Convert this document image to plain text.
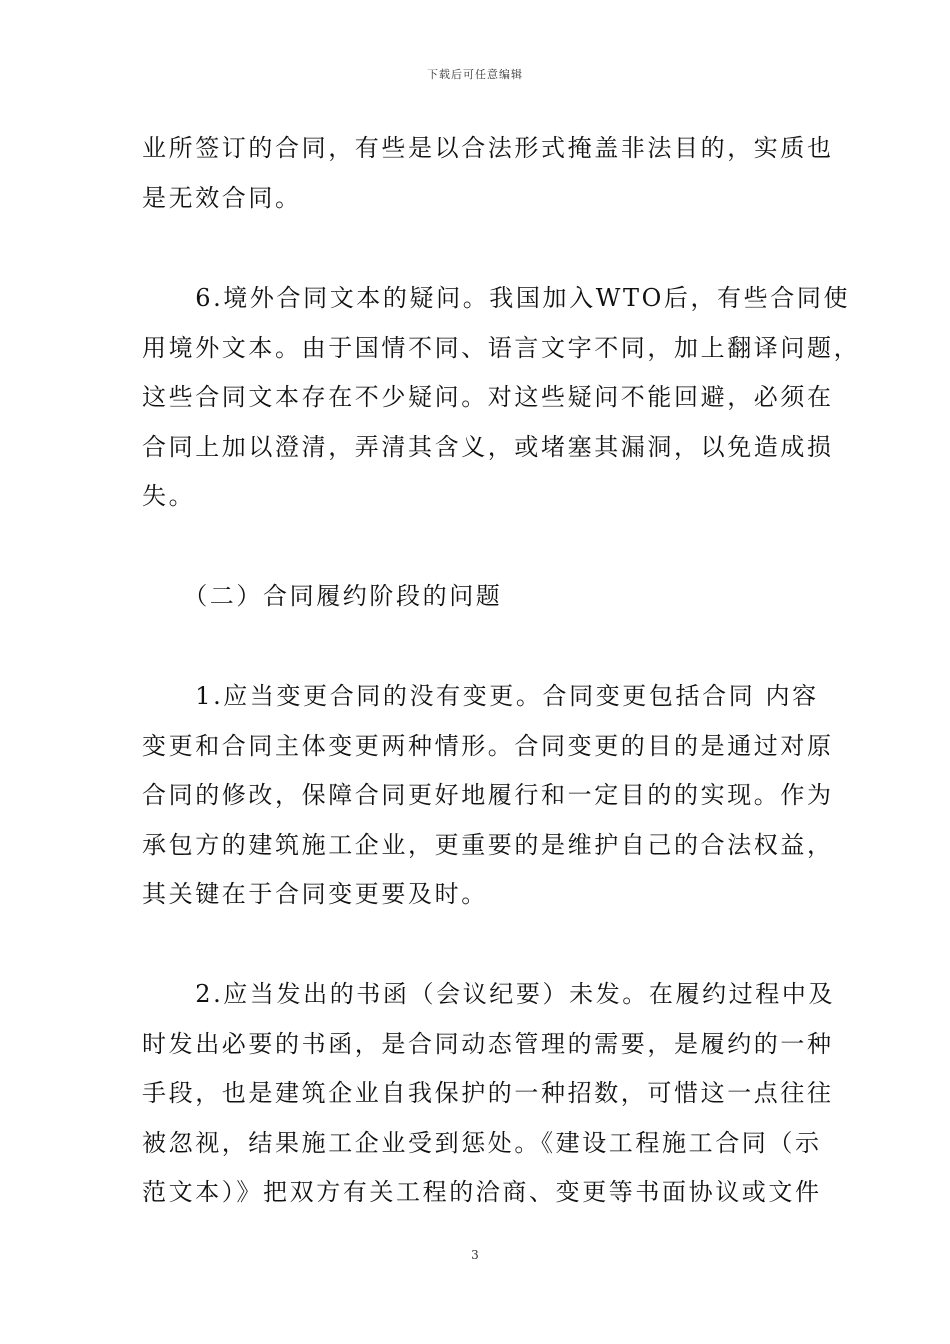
下载后可任意编辑
业所签订的合同，有些是以合法形式掩盖非法目的，实质也
是无效合同。
　　6.境外合同文本的疑问。我国加入WTO后，有些合同使
用境外文本。由于国情不同、语言文字不同，加上翻译问题，
这些合同文本存在不少疑问。对这些疑问不能回避，必须在
合同上加以澄清，弄清其含义，或堵塞其漏洞，以免造成损
失。
　　（二）合同履约阶段的问题
　　1.应当变更合同的没有变更。合同变更包括合同 内容
变更和合同主体变更两种情形。合同变更的目的是通过对原
合同的修改，保障合同更好地履行和一定目的的实现。作为
承包方的建筑施工企业，更重要的是维护自己的合法权益，
其关键在于合同变更要及时。
　　2.应当发出的书函（会议纪要）未发。在履约过程中及
时发出必要的书函，是合同动态管理的需要，是履约的一种
手段，也是建筑企业自我保护的一种招数，可惜这一点往往
被忽视，结果施工企业受到惩处。《建设工程施工合同（示
范文本）》把双方有关工程的洽商、变更等书面协议或文件
3
